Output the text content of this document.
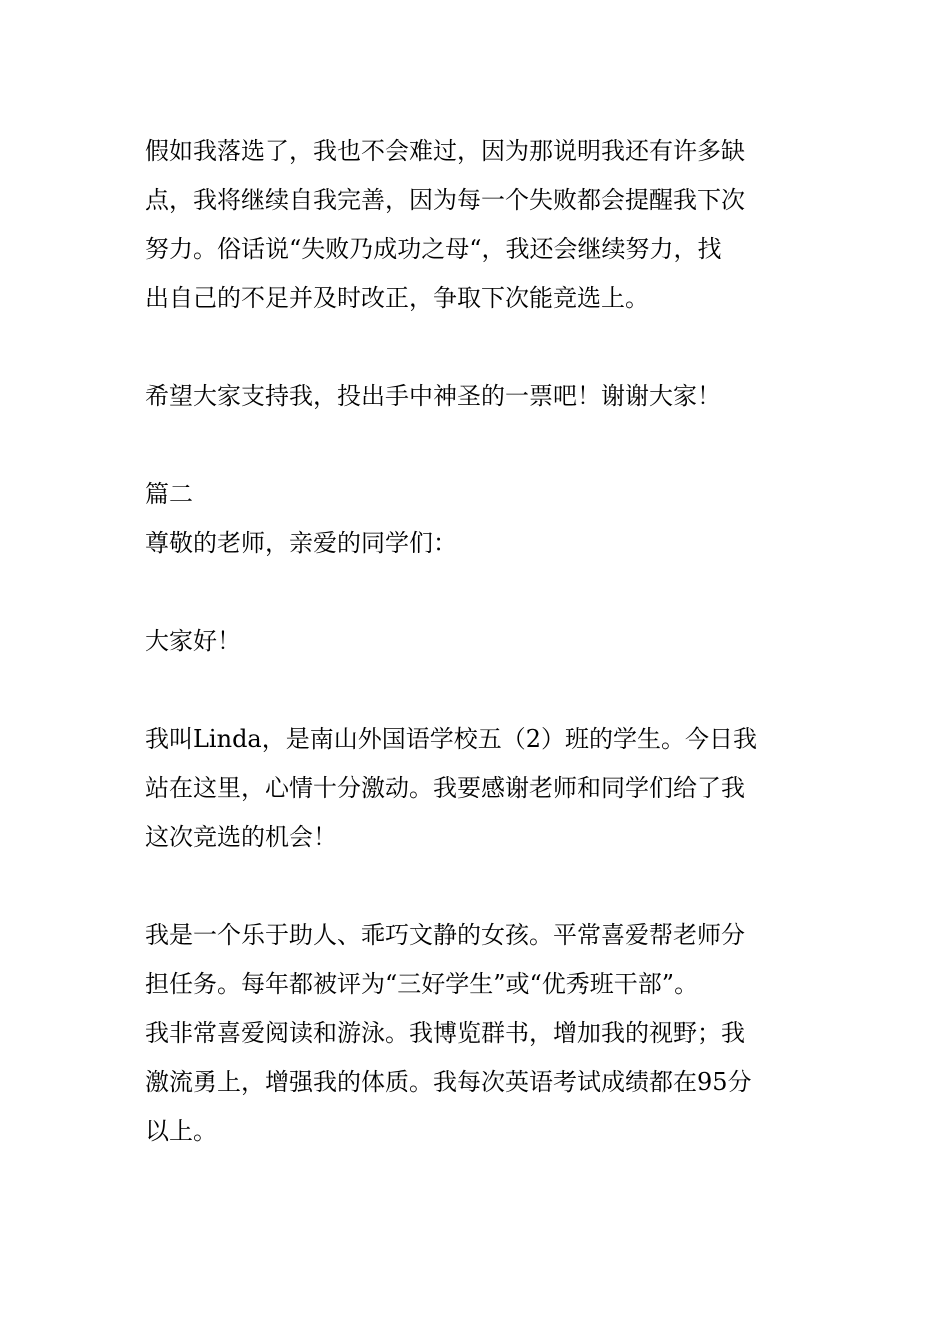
假如我落选了，我也不会难过，因为那说明我还有许多缺
点，我将继续自我完善，因为每一个失败都会提醒我下次
努力。俗话说“失败乃成功之母“，我还会继续努力，找
出自己的不足并及时改正，争取下次能竞选上。
希望大家支持我，投出手中神圣的一票吧！谢谢大家！
篇二
尊敬的老师，亲爱的同学们：
大家好！
我叫Linda，是南山外国语学校五（2）班的学生。今日我
站在这里，心情十分激动。我要感谢老师和同学们给了我
这次竞选的机会！
我是一个乐于助人、乖巧文静的女孩。平常喜爱帮老师分
担任务。每年都被评为“三好学生”或“优秀班干部”。
我非常喜爱阅读和游泳。我博览群书，增加我的视野；我
激流勇上，增强我的体质。我每次英语考试成绩都在95分
以上。
